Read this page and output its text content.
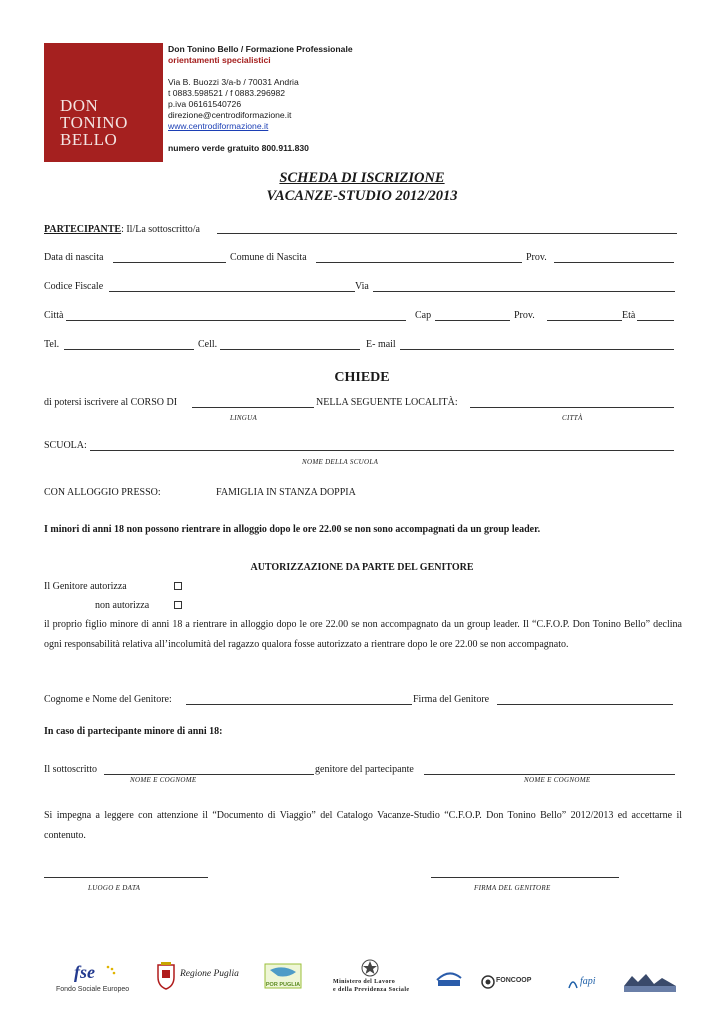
DON
TONINO
BELLO
Don Tonino Bello / Formazione Professionale
orientamenti specialistici
Via B. Buozzi 3/a-b / 70031 Andria
t 0883.598521 / f 0883.296982
p.iva 06161540726
direzione@centrodiformazione.it
www.centrodiformazione.it
numero verde gratuito 800.911.830
SCHEDA DI ISCRIZIONE
VACANZE-STUDIO 2012/2013
PARTECIPANTE: Il/La sottoscritto/a
Data di nascita	Comune di Nascita	Prov.
Codice Fiscale	Via
Città	Cap	Prov.	Età
Tel.	Cell.	E- mail
CHIEDE
di potersi iscrivere al CORSO DI	NELLA SEGUENTE LOCALITÀ:
LINGUA	CITTÀ
SCUOLA:
NOME DELLA SCUOLA
CON ALLOGGIO PRESSO:	FAMIGLIA IN STANZA DOPPIA
I minori di anni 18 non possono rientrare in alloggio dopo le ore 22.00 se non sono accompagnati da un group leader.
AUTORIZZAZIONE DA PARTE DEL GENITORE
Il Genitore autorizza
non autorizza
il proprio figlio minore di anni 18 a rientrare in alloggio dopo le ore 22.00 se non accompagnato da un group leader. Il “C.F.O.P. Don Tonino Bello” declina ogni responsabilità relativa all’incolumità del ragazzo qualora fosse autorizzato a rientrare dopo le ore 22.00 se non accompagnato.
Cognome e Nome del Genitore:	Firma del Genitore
In caso di partecipante minore di anni 18:
Il sottoscritto	genitore del partecipante
NOME E COGNOME	NOME E COGNOME
Si impegna a leggere con attenzione il “Documento di Viaggio” del Catalogo Vacanze-Studio “C.F.O.P. Don Tonino Bello” 2012/2013 ed accettarne il contenuto.
LUOGO E DATA	FIRMA DEL GENITORE
fse
Fondo Sociale Europeo
Regione Puglia
POR PUGLIA	Ministero del Lavoro
e della Previdenza Sociale
FONCOOP	fapi
